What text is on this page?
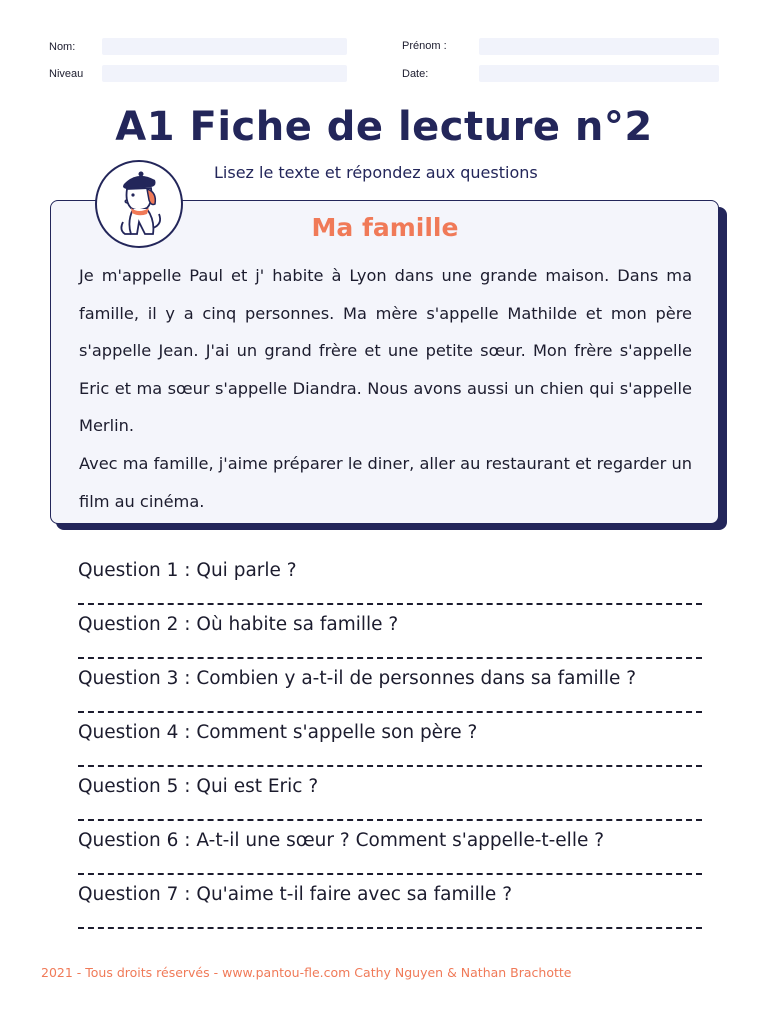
Nom:
Niveau
Prénom :
Date:
A1 Fiche de lecture n°2
Lisez le texte et répondez aux questions
Ma famille
Je m'appelle Paul et j' habite à Lyon dans une grande maison. Dans ma famille, il y a cinq personnes. Ma mère s'appelle Mathilde et mon père s'appelle Jean. J'ai un grand frère et une petite sœur. Mon frère s'appelle Eric et ma sœur s'appelle Diandra. Nous avons aussi un chien qui s'appelle Merlin.
Avec ma famille, j'aime préparer le diner, aller au restaurant et regarder un film au cinéma.
Question 1 : Qui parle ?
Question 2 : Où habite sa famille ?
Question 3 : Combien y a-t-il de personnes dans sa famille ?
Question 4 : Comment s'appelle son père ?
Question 5 : Qui est Eric ?
Question 6 : A-t-il une sœur ? Comment s'appelle-t-elle ?
Question 7 : Qu'aime t-il faire avec sa famille ?
2021 - Tous droits réservés - www.pantou-fle.com Cathy Nguyen & Nathan Brachotte
